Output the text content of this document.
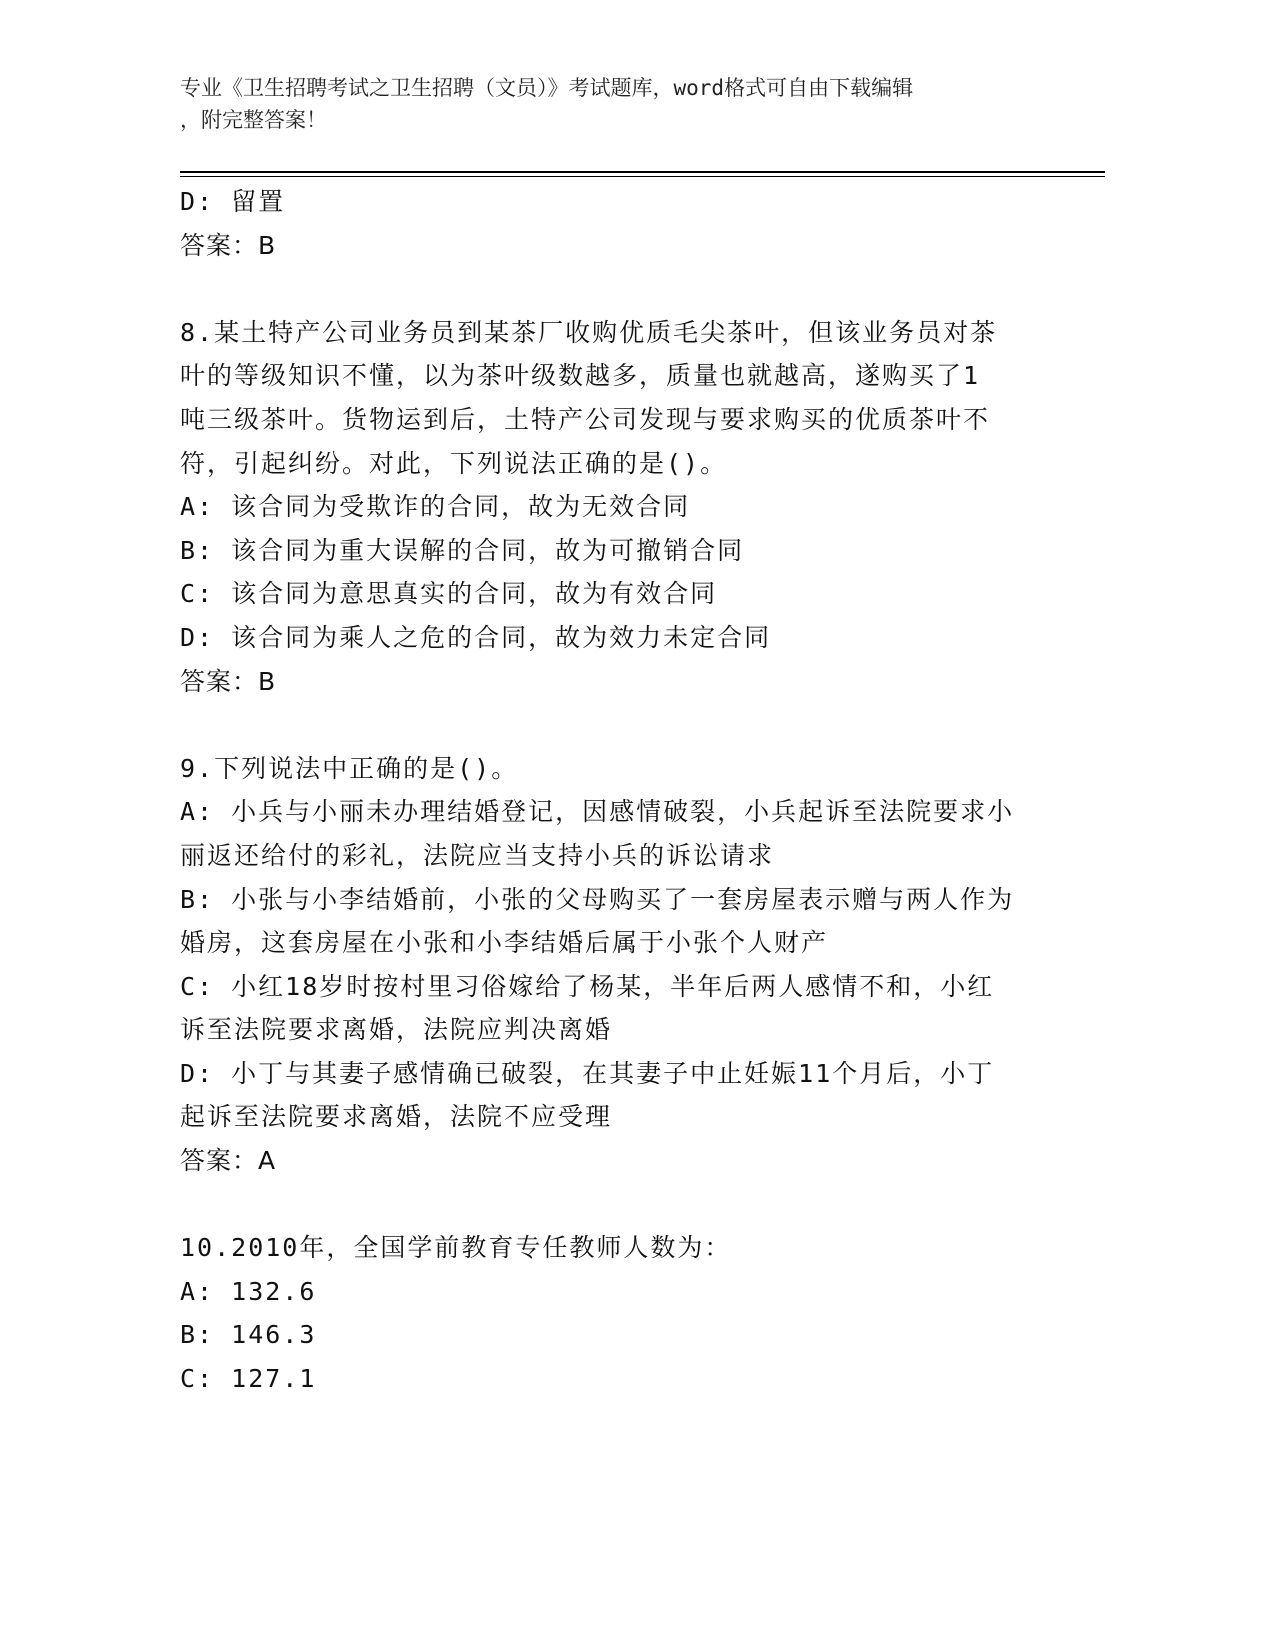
专业《卫生招聘考试之卫生招聘（文员）》考试题库，word格式可自由下载编辑
，附完整答案！
D: 留置
答案：B
8.某土特产公司业务员到某茶厂收购优质毛尖茶叶，但该业务员对茶
叶的等级知识不懂，以为茶叶级数越多，质量也就越高，遂购买了1
吨三级茶叶。货物运到后，土特产公司发现与要求购买的优质茶叶不
符，引起纠纷。对此，下列说法正确的是()。
A: 该合同为受欺诈的合同，故为无效合同
B: 该合同为重大误解的合同，故为可撤销合同
C: 该合同为意思真实的合同，故为有效合同
D: 该合同为乘人之危的合同，故为效力未定合同
答案：B
9.下列说法中正确的是()。
A: 小兵与小丽未办理结婚登记，因感情破裂，小兵起诉至法院要求小
丽返还给付的彩礼，法院应当支持小兵的诉讼请求
B: 小张与小李结婚前，小张的父母购买了一套房屋表示赠与两人作为
婚房，这套房屋在小张和小李结婚后属于小张个人财产
C: 小红18岁时按村里习俗嫁给了杨某，半年后两人感情不和，小红
诉至法院要求离婚，法院应判决离婚
D: 小丁与其妻子感情确已破裂，在其妻子中止妊娠11个月后，小丁
起诉至法院要求离婚，法院不应受理
答案：A
10.2010年，全国学前教育专任教师人数为：
A: 132.6
B: 146.3
C: 127.1
